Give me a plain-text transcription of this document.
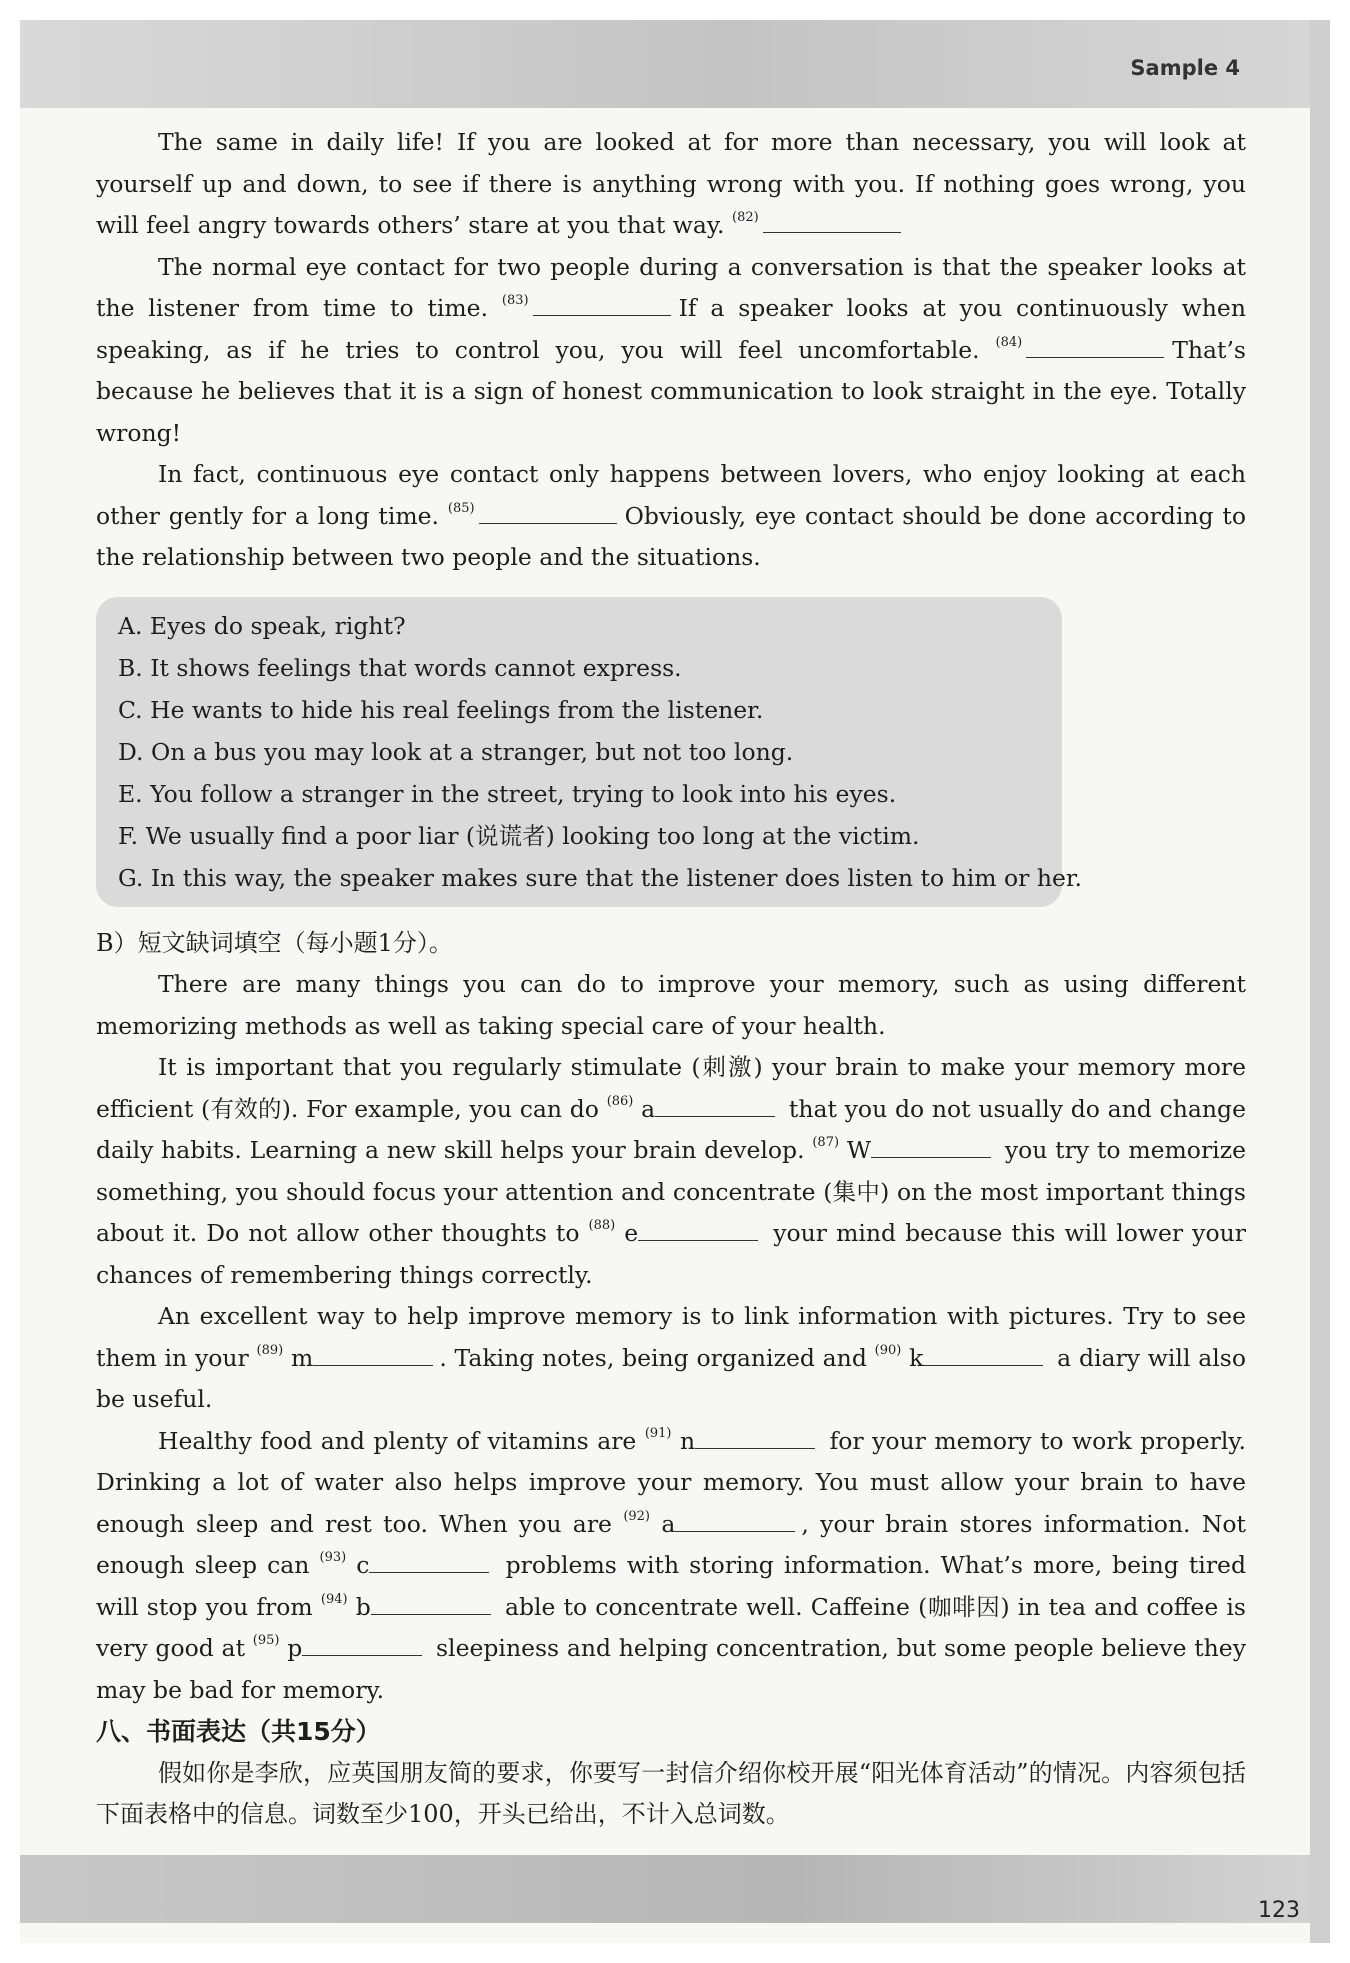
Sample 4
123

The same in daily life! If you are looked at for more than necessary, you will look at yourself up and down, to see if there is anything wrong with you. If nothing goes wrong, you will feel angry towards others’ stare at you that way. $^{(82)}$

The normal eye contact for two people during a conversation is that the speaker looks at the listener from time to time. $^{(83)}$	If a speaker looks at you continuously when speaking, as if he tries to control you, you will feel uncomfortable. $^{(84)}$	That’s because he believes that it is a sign of honest communication to look straight in the eye. Totally wrong!

In fact, continuous eye contact only happens between lovers, who enjoy looking at each other gently for a long time. $^{(85)}$	Obviously, eye contact should be done according to the relationship between two people and the situations.

A. Eyes do speak, right?
B. It shows feelings that words cannot express.
C. He wants to hide his real feelings from the listener.
D. On a bus you may look at a stranger, but not too long.
E. You follow a stranger in the street, trying to look into his eyes.
F. We usually find a poor liar (说谎者) looking too long at the victim.
G. In this way, the speaker makes sure that the listener does listen to him or her.

B）短文缺词填空（每小题1分）。

There are many things you can do to improve your memory, such as using different memorizing methods as well as taking special care of your health.

It is important that you regularly stimulate (刺激) your brain to make your memory more efficient (有效的). For example, you can do $^{(86)}$ a	that you do not usually do and change daily habits. Learning a new skill helps your brain develop. $^{(87)}$ W	you try to memorize something, you should focus your attention and concentrate (集中) on the most important things about it. Do not allow other thoughts to $^{(88)}$ e	your mind because this will lower your chances of remembering things correctly.

An excellent way to help improve memory is to link information with pictures. Try to see them in your $^{(89)}$ m	. Taking notes, being organized and $^{(90)}$ k	a diary will also be useful.

Healthy food and plenty of vitamins are $^{(91)}$ n	for your memory to work properly. Drinking a lot of water also helps improve your memory. You must allow your brain to have enough sleep and rest too. When you are $^{(92)}$ a	, your brain stores information. Not enough sleep can $^{(93)}$ c	problems with storing information. What’s more, being tired will stop you from $^{(94)}$ b	able to concentrate well. Caffeine (咖啡因) in tea and coffee is very good at $^{(95)}$ p	sleepiness and helping concentration, but some people believe they may be bad for memory.

八、书面表达（共15分）

假如你是李欣，应英国朋友简的要求，你要写一封信介绍你校开展“阳光体育活动”的情况。内容须包括下面表格中的信息。词数至少100，开头已给出，不计入总词数。
